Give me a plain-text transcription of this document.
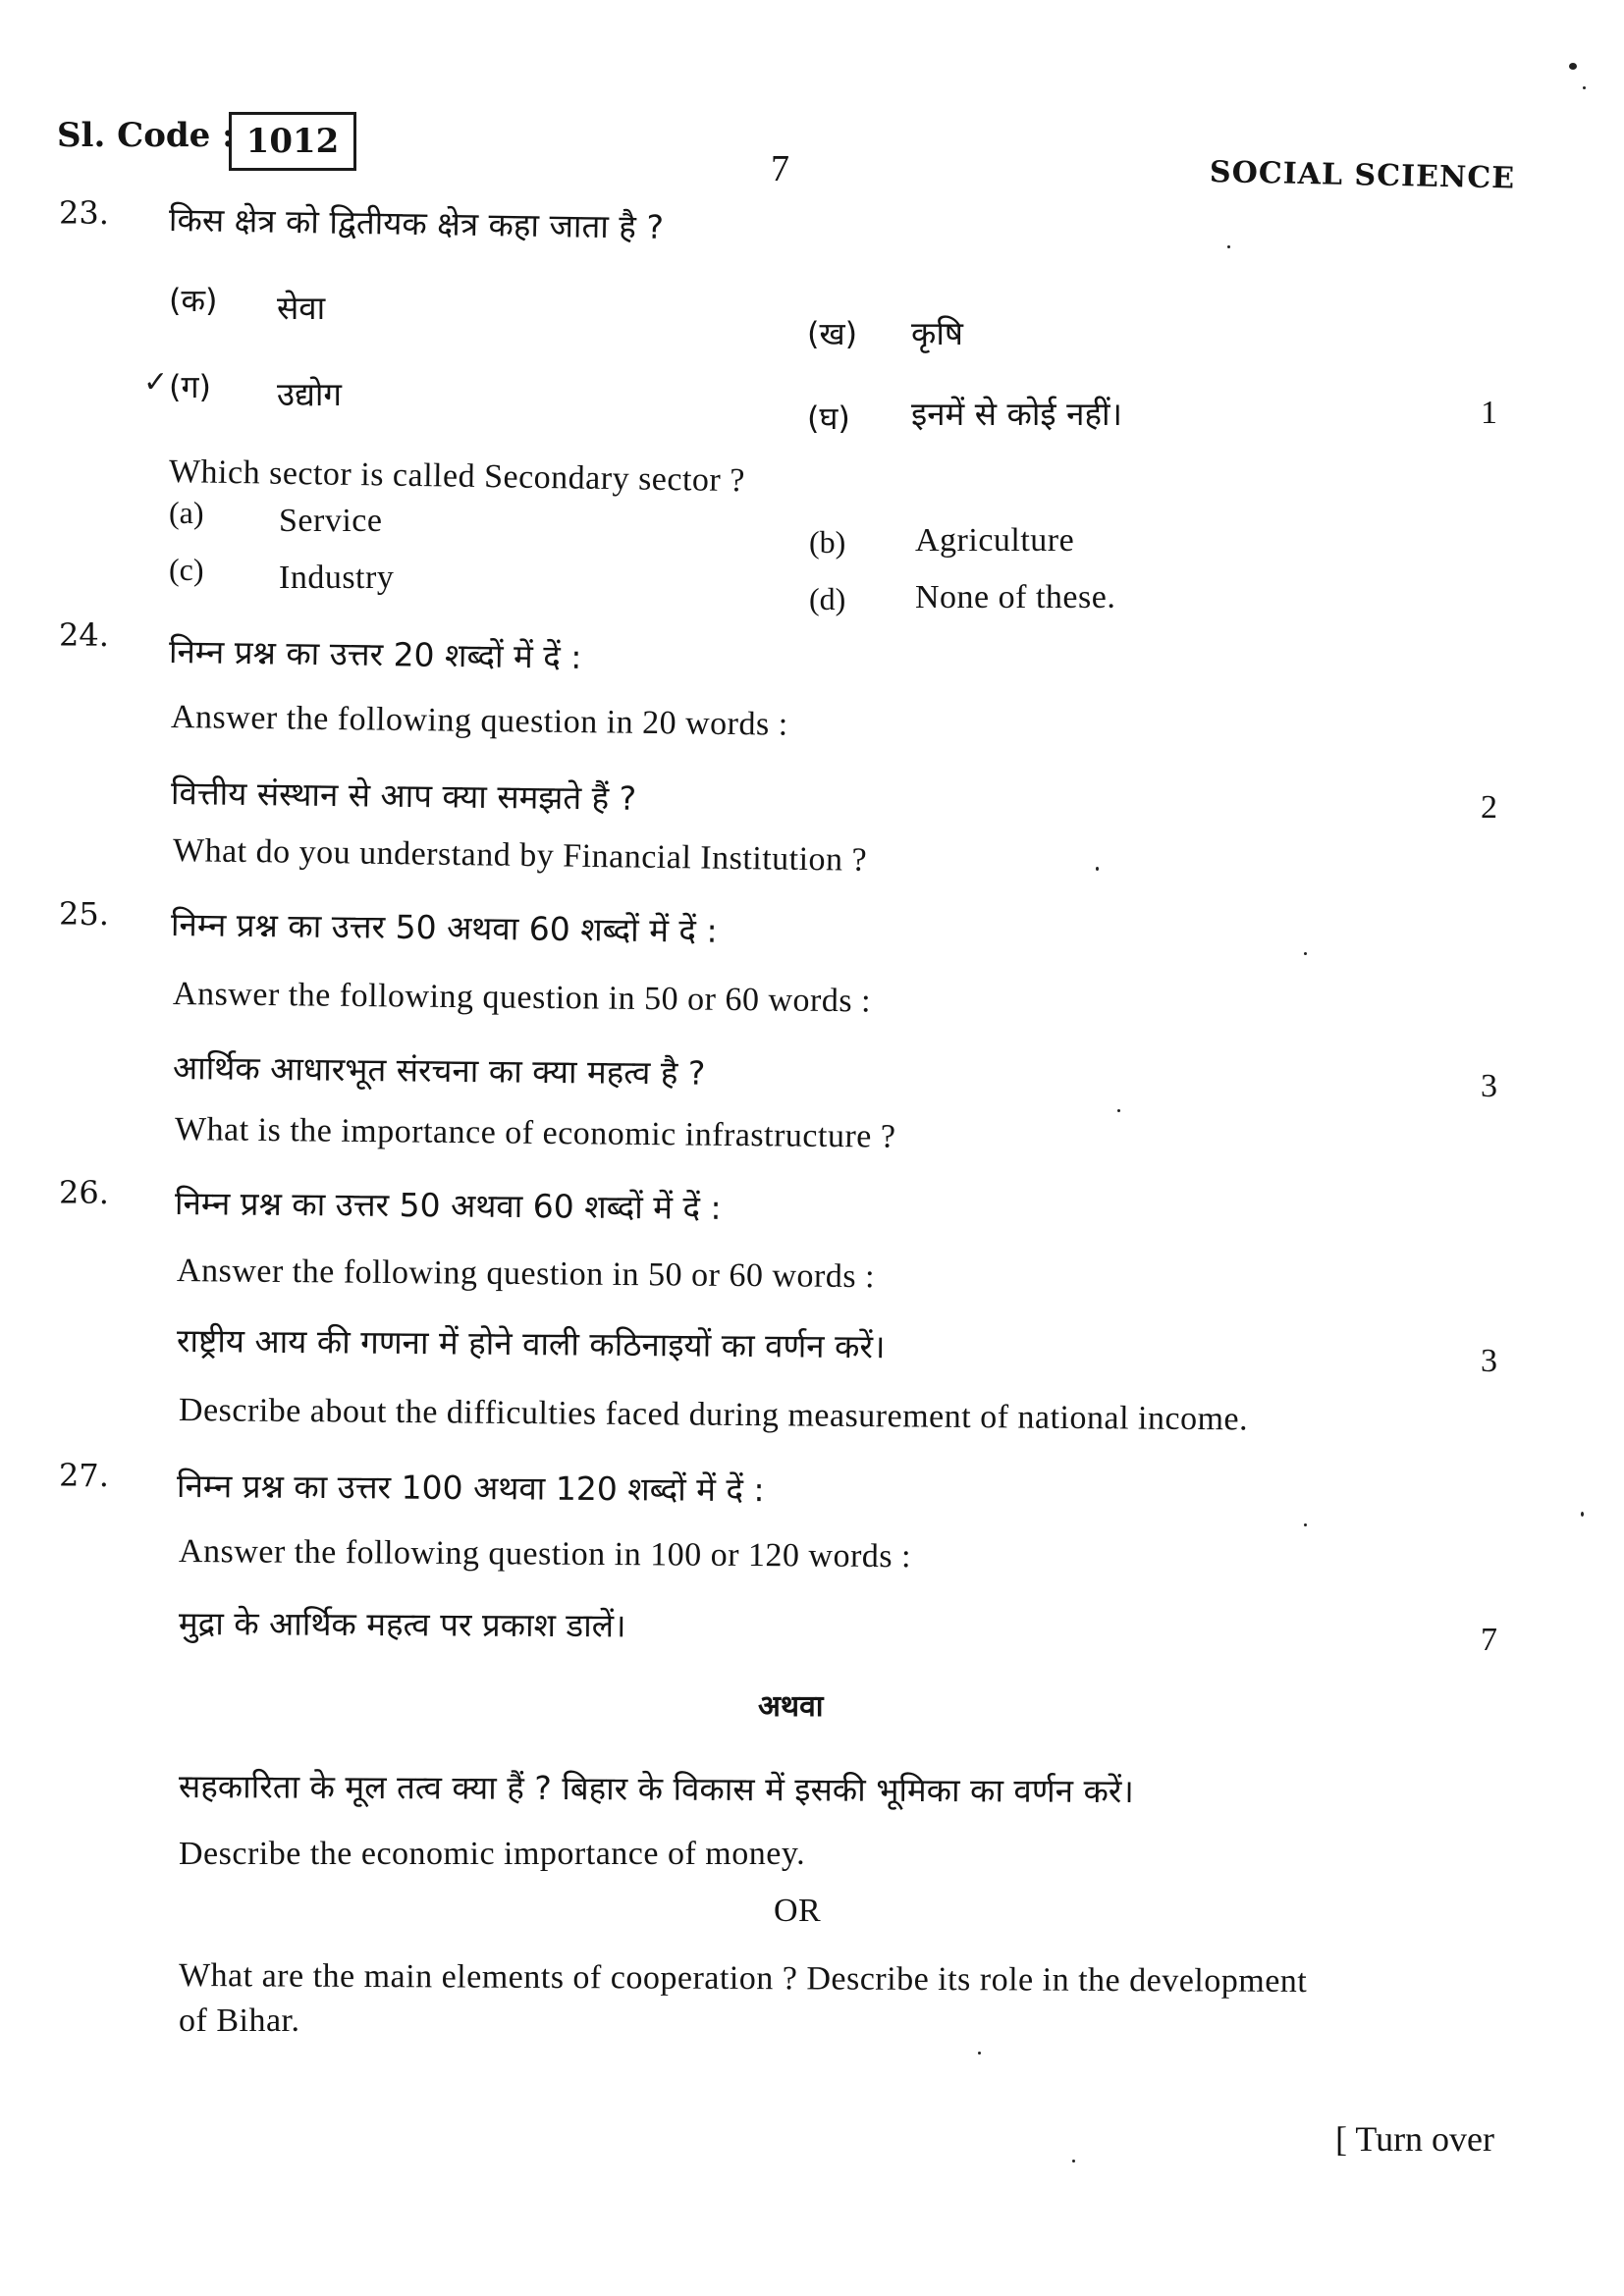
Sl. Code : 1012
7	SOCIAL SCIENCE
23. किस क्षेत्र को द्वितीयक क्षेत्र कहा जाता है ?
(क) सेवा
(ख) कृषि
✓ (ग) उद्योग
(घ) इनमें से कोई नहीं।	1
Which sector is called Secondary sector ?
(a) Service
(b) Agriculture
(c) Industry
(d) None of these.
24. निम्न प्रश्न का उत्तर 20 शब्दों में दें :
Answer the following question in 20 words :
वित्तीय संस्थान से आप क्या समझते हैं ?	2
What do you understand by Financial Institution ?
25. निम्न प्रश्न का उत्तर 50 अथवा 60 शब्दों में दें :
Answer the following question in 50 or 60 words :
आर्थिक आधारभूत संरचना का क्या महत्व है ?	3
What is the importance of economic infrastructure ?
26. निम्न प्रश्न का उत्तर 50 अथवा 60 शब्दों में दें :
Answer the following question in 50 or 60 words :
राष्ट्रीय आय की गणना में होने वाली कठिनाइयों का वर्णन करें।	3
Describe about the difficulties faced during measurement of national income.
27. निम्न प्रश्न का उत्तर 100 अथवा 120 शब्दों में दें :
Answer the following question in 100 or 120 words :
मुद्रा के आर्थिक महत्व पर प्रकाश डालें।	7
अथवा
सहकारिता के मूल तत्व क्या हैं ? बिहार के विकास में इसकी भूमिका का वर्णन करें।
Describe the economic importance of money.
OR
What are the main elements of cooperation ? Describe its role in the development
of Bihar.
[ Turn over
